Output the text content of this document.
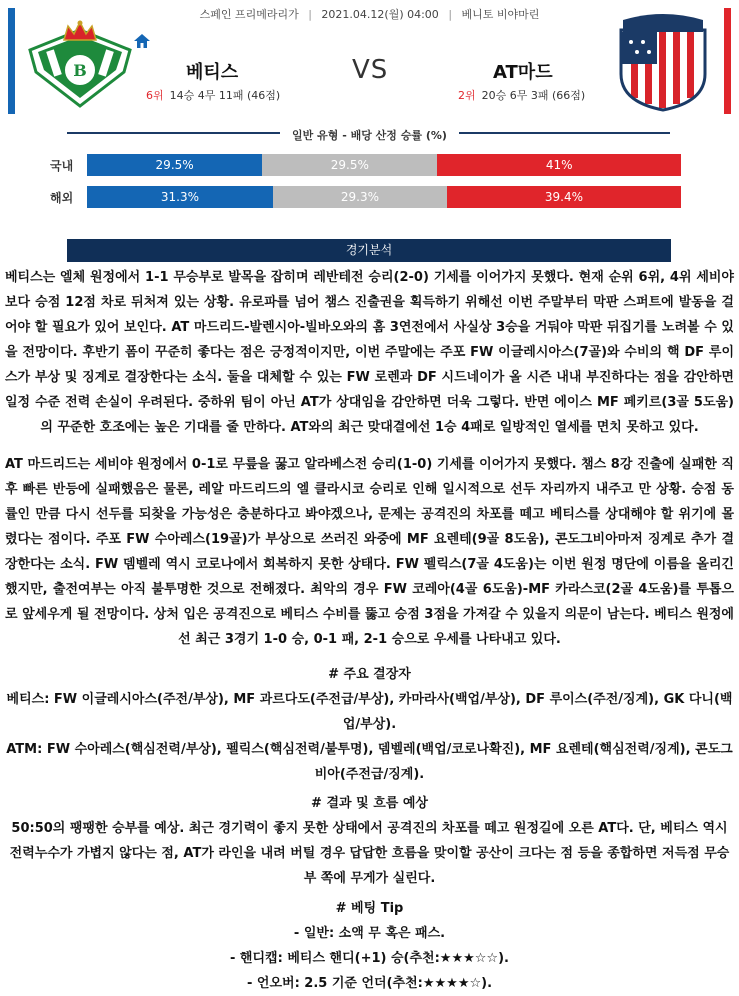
스페인 프리메라리가 | 2021.04.12(월) 04:00 | 베니토 비야마린
B	베티스	VS	AT마드
6위 14승 4무 11패 (46점)	2위 20승 6무 3패 (66점)
일반 유형 - 배당 산정 승률 (%)
국내	29.5%	29.5%	41%
해외	31.3%	29.3%	39.4%
경기분석

베티스는 엘체 원정에서 1-1 무승부로 발목을 잡히며 레반테전 승리(2-0) 기세를 이어가지 못했다. 현재 순위 6위, 4위 세비야보다 승점 12점 차로 뒤처져 있는 상황. 유로파를 넘어 챔스 진출권을 획득하기 위해선 이번 주말부터 막판 스퍼트에 발동을 걸어야 할 필요가 있어 보인다. AT 마드리드-발렌시아-빌바오와의 홈 3연전에서 사실상 3승을 거둬야 막판 뒤집기를 노려볼 수 있을 전망이다. 후반기 폼이 꾸준히 좋다는 점은 긍정적이지만, 이번 주말에는 주포 FW 이글레시아스(7골)와 수비의 핵 DF 루이스가 부상 및 징계로 결장한다는 소식. 둘을 대체할 수 있는 FW 로렌과 DF 시드네이가 올 시즌 내내 부진하다는 점을 감안하면 일정 수준 전력 손실이 우려된다. 중하위 팀이 아닌 AT가 상대임을 감안하면 더욱 그렇다. 반면 에이스 MF 페키르(3골 5도움)의 꾸준한 호조에는 높은 기대를 줄 만하다. AT와의 최근 맞대결에선 1승 4패로 일방적인 열세를 면치 못하고 있다.

AT 마드리드는 세비야 원정에서 0-1로 무릎을 꿇고 알라베스전 승리(1-0) 기세를 이어가지 못했다. 챔스 8강 진출에 실패한 직후 빠른 반등에 실패했음은 물론, 레알 마드리드의 엘 클라시코 승리로 인해 일시적으로 선두 자리까지 내주고 만 상황. 승점 동률인 만큼 다시 선두를 되찾을 가능성은 충분하다고 봐야겠으나, 문제는 공격진의 차포를 떼고 베티스를 상대해야 할 위기에 몰렸다는 점이다. 주포 FW 수아레스(19골)가 부상으로 쓰러진 와중에 MF 요렌테(9골 8도움), 콘도그비아마저 징계로 추가 결장한다는 소식. FW 뎀벨레 역시 코로나에서 회복하지 못한 상태다. FW 펠릭스(7골 4도움)는 이번 원정 명단에 이름을 올리긴 했지만, 출전여부는 아직 불투명한 것으로 전해졌다. 최악의 경우 FW 코레아(4골 6도움)-MF 카라스코(2골 4도움)를 투톱으로 앞세우게 될 전망이다. 상처 입은 공격진으로 베티스 수비를 뚫고 승점 3점을 가져갈 수 있을지 의문이 남는다. 베티스 원정에선 최근 3경기 1-0 승, 0-1 패, 2-1 승으로 우세를 나타내고 있다.

# 주요 결장자
베티스: FW 이글레시아스(주전/부상), MF 과르다도(주전급/부상), 카마라사(백업/부상), DF 루이스(주전/징계), GK 다니(백업/부상).
ATM: FW 수아레스(핵심전력/부상), 펠릭스(핵심전력/불투명), 뎀벨레(백업/코로나확진), MF 요렌테(핵심전력/징계), 콘도그비아(주전급/징계).
# 결과 및 흐름 예상
50:50의 팽팽한 승부를 예상. 최근 경기력이 좋지 못한 상태에서 공격진의 차포를 떼고 원정길에 오른 AT다. 단, 베티스 역시 전력누수가 가볍지 않다는 점, AT가 라인을 내려 버틸 경우 답답한 흐름을 맞이할 공산이 크다는 점 등을 종합하면 저득점 무승부 쪽에 무게가 실린다.
# 베팅 Tip
- 일반: 소액 무 혹은 패스.
- 핸디캡: 베티스 핸디(+1) 승(추천:★★★☆☆).
- 언오버: 2.5 기준 언더(추천:★★★★☆).
